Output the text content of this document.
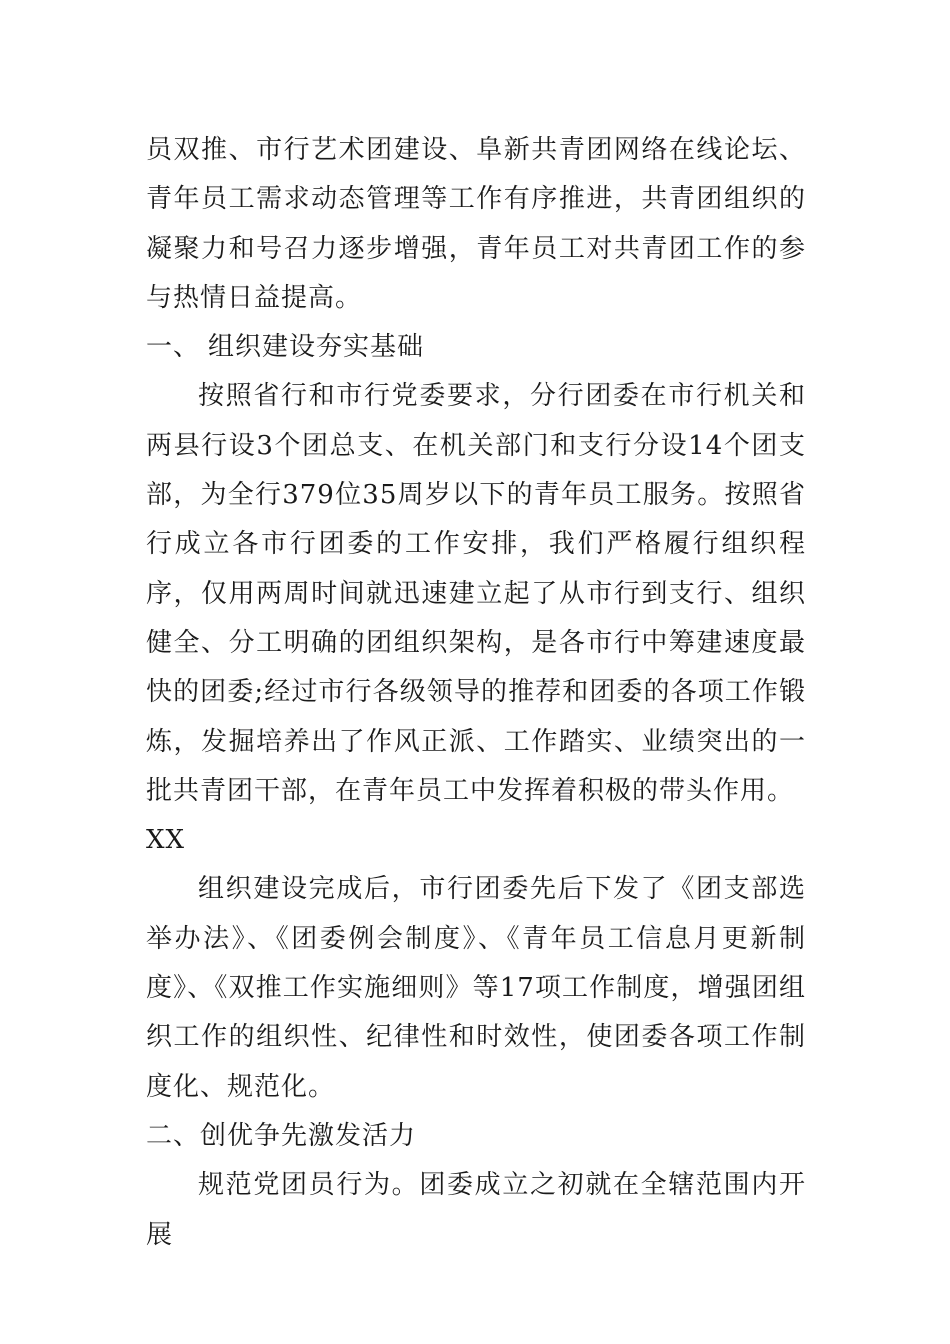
员双推、市行艺术团建设、阜新共青团网络在线论坛、青年员工需求动态管理等工作有序推进，共青团组织的凝聚力和号召力逐步增强，青年员工对共青团工作的参与热情日益提高。

一、 组织建设夯实基础

按照省行和市行党委要求，分行团委在市行机关和两县行设3个团总支、在机关部门和支行分设14个团支部，为全行379位35周岁以下的青年员工服务。按照省行成立各市行团委的工作安排，我们严格履行组织程序，仅用两周时间就迅速建立起了从市行到支行、组织健全、分工明确的团组织架构，是各市行中筹建速度最快的团委;经过市行各级领导的推荐和团委的各项工作锻炼，发掘培养出了作风正派、工作踏实、业绩突出的一批共青团干部，在青年员工中发挥着积极的带头作用。

XX

组织建设完成后，市行团委先后下发了《团支部选举办法》、《团委例会制度》、《青年员工信息月更新制度》、《双推工作实施细则》等17项工作制度，增强团组织工作的组织性、纪律性和时效性，使团委各项工作制度化、规范化。

二、创优争先激发活力

规范党团员行为。团委成立之初就在全辖范围内开展
